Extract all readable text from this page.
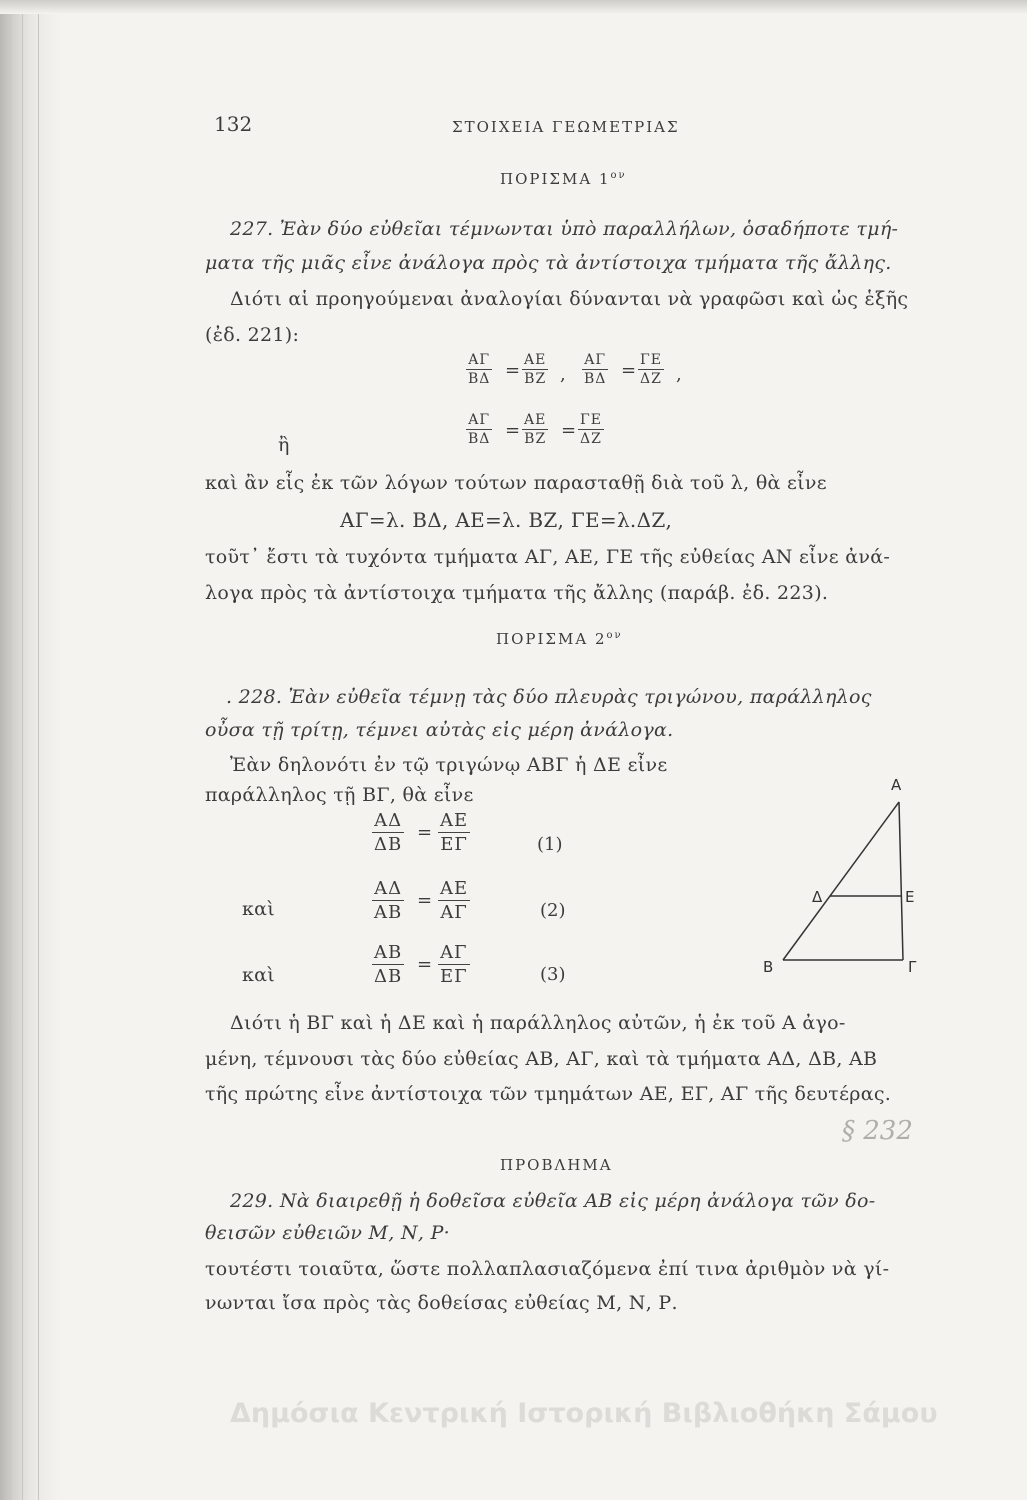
132	ΣΤΟΙΧΕΙΑ ΓΕΩΜΕΤΡΙΑΣ
ΠΟΡΙΣΜΑ $1^{o\nu}$
227. Ἐὰν δύο εὐθεῖαι τέμνωνται ὑπὸ παραλλήλων, ὁσαδήποτε τμή-
ματα τῆς μιᾶς εἶνε ἀνάλογα πρὸς τὰ ἀντίστοιχα τμήματα τῆς ἄλλης.
Διότι αἱ προηγούμεναι ἀναλογίαι δύνανται νὰ γραφῶσι καὶ ὡς ἑξῆς
(ἐδ. 221):
$\frac{A\Gamma}{B\Delta} = \frac{AE}{BZ}$ , $\frac{A\Gamma}{B\Delta} = \frac{\Gamma E}{\Delta Z}$ ,
ἢ	$\frac{A\Gamma}{B\Delta} = \frac{AE}{BZ} = \frac{\Gamma E}{\Delta Z}$
καὶ ἂν εἷς ἐκ τῶν λόγων τούτων παρασταθῇ διὰ τοῦ λ, θὰ εἶνε
ΑΓ=λ. ΒΔ, ΑΕ=λ. ΒΖ, ΓΕ=λ.ΔΖ,
τοῦτ᾽ ἔστι τὰ τυχόντα τμήματα ΑΓ, ΑΕ, ΓΕ τῆς εὐθείας ΑΝ εἶνε ἀνά-
λογα πρὸς τὰ ἀντίστοιχα τμήματα τῆς ἄλλης (παράβ. ἐδ. 223).
ΠΟΡΙΣΜΑ $2^{o\nu}$
. 228. Ἐὰν εὐθεῖα τέμνῃ τὰς δύο πλευρὰς τριγώνου, παράλληλος
οὖσα τῇ τρίτῃ, τέμνει αὐτὰς εἰς μέρη ἀνάλογα.
Ἐὰν δηλονότι ἐν τῷ τριγώνῳ ΑΒΓ ἡ ΔΕ εἶνε
παράλληλος τῇ ΒΓ, θὰ εἶνε
$\frac{A\Delta}{\Delta B} = \frac{AE}{E\Gamma}$	(1)
καὶ	$\frac{A\Delta}{AB} = \frac{AE}{A\Gamma}$	(2)
καὶ	$\frac{AB}{\Delta B} = \frac{A\Gamma}{E\Gamma}$	(3)
A
Δ	E
B	Γ
Διότι ἡ ΒΓ καὶ ἡ ΔΕ καὶ ἡ παράλληλος αὐτῶν, ἡ ἐκ τοῦ Α ἀγο-
μένη, τέμνουσι τὰς δύο εὐθείας ΑΒ, ΑΓ, καὶ τὰ τμήματα ΑΔ, ΔΒ, ΑΒ
τῆς πρώτης εἶνε ἀντίστοιχα τῶν τμημάτων ΑΕ, ΕΓ, ΑΓ τῆς δευτέρας.
§ 232
ΠΡΟΒΛΗΜΑ
229. Νὰ διαιρεθῇ ἡ δοθεῖσα εὐθεῖα ΑΒ εἰς μέρη ἀνάλογα τῶν δο-
θεισῶν εὐθειῶν Μ, Ν, Ρ·
τουτέστι τοιαῦτα, ὥστε πολλαπλασιαζόμενα ἐπί τινα ἀριθμὸν νὰ γί-
νωνται ἴσα πρὸς τὰς δοθείσας εὐθείας Μ, Ν, Ρ.
Δημόσια Κεντρική Ιστορική Βιβλιοθήκη Σάμου
